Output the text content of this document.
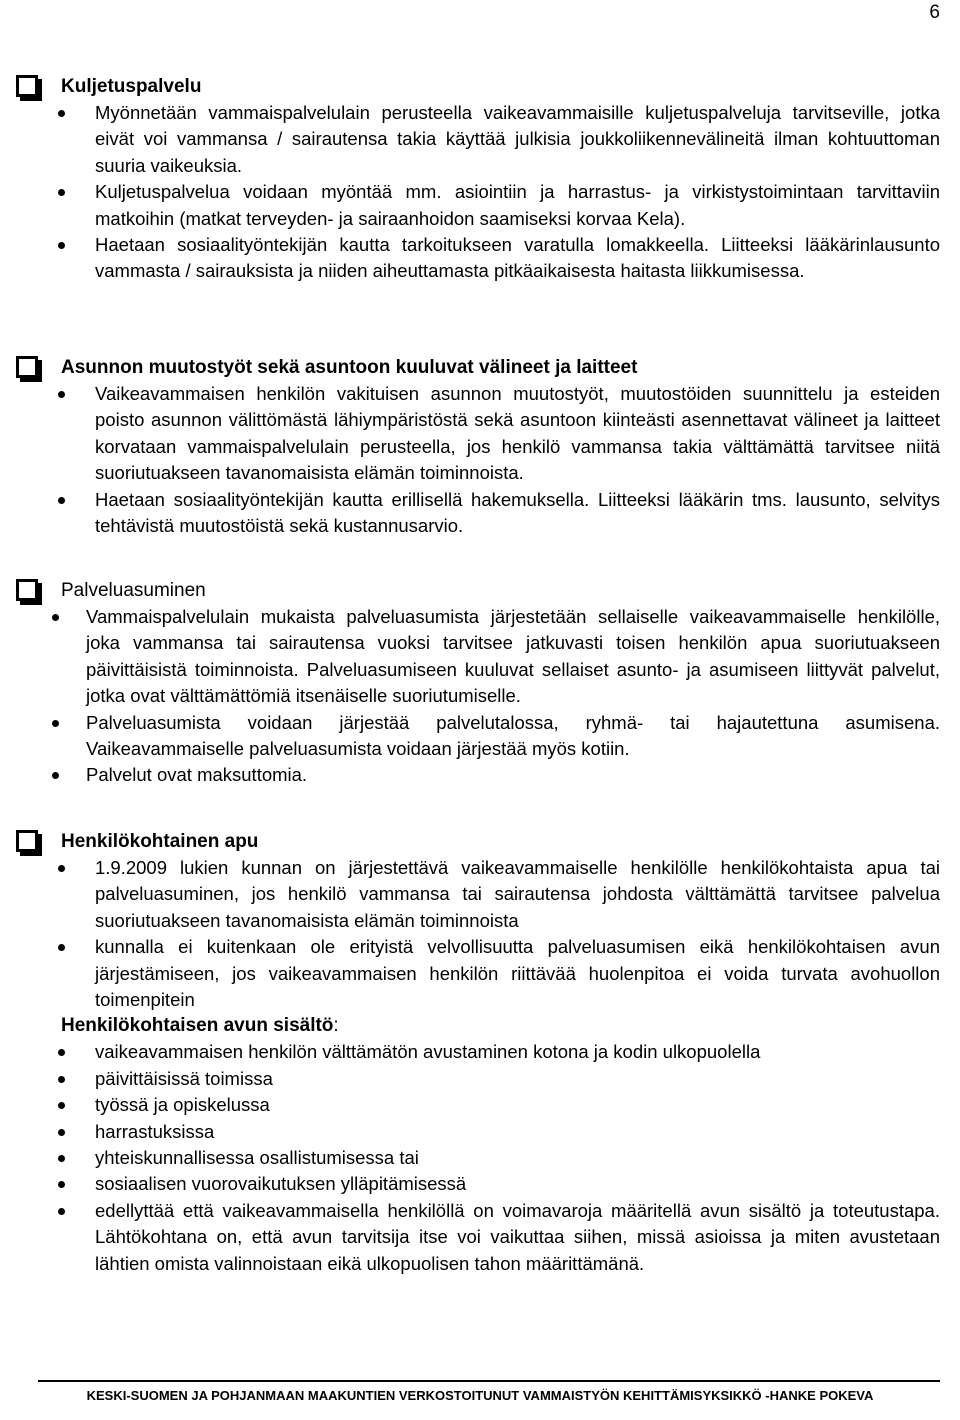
6
Kuljetuspalvelu
Myönnetään vammaispalvelulain perusteella vaikeavammaisille kuljetuspalveluja tarvitseville, jotka eivät voi vammansa / sairautensa takia käyttää julkisia joukkoliikennevälineitä ilman kohtuuttoman suuria vaikeuksia.
Kuljetuspalvelua voidaan myöntää mm. asiointiin ja harrastus- ja virkistystoimintaan tarvittaviin matkoihin (matkat terveyden- ja sairaanhoidon saamiseksi korvaa Kela).
Haetaan sosiaalityöntekijän kautta tarkoitukseen varatulla lomakkeella. Liitteeksi lääkärinlausunto vammasta / sairauksista ja niiden aiheuttamasta pitkäaikaisesta haitasta liikkumisessa.
Asunnon muutostyöt sekä asuntoon kuuluvat välineet ja laitteet
Vaikeavammaisen henkilön vakituisen asunnon muutostyöt, muutostöiden suunnittelu ja esteiden poisto asunnon välittömästä lähiympäristöstä sekä asuntoon kiinteästi asennettavat välineet ja laitteet korvataan vammaispalvelulain perusteella, jos henkilö vammansa takia välttämättä tarvitsee niitä suoriutuakseen tavanomaisista elämän toiminnoista.
Haetaan sosiaalityöntekijän kautta erillisellä hakemuksella. Liitteeksi lääkärin tms. lausunto, selvitys tehtävistä muutostöistä sekä kustannusarvio.
Palveluasuminen
Vammaispalvelulain mukaista palveluasumista järjestetään sellaiselle vaikeavammaiselle henkilölle, joka vammansa tai sairautensa vuoksi tarvitsee jatkuvasti toisen henkilön apua suoriutuakseen päivittäisistä toiminnoista. Palveluasumiseen kuuluvat sellaiset asunto- ja asumiseen liittyvät palvelut, jotka ovat välttämättömiä itsenäiselle suoriutumiselle.
Palveluasumista voidaan järjestää palvelutalossa, ryhmä- tai hajautettuna asumisena. Vaikeavammaiselle palveluasumista voidaan järjestää myös kotiin.
Palvelut ovat maksuttomia.
Henkilökohtainen apu
1.9.2009 lukien kunnan on järjestettävä vaikeavammaiselle henkilölle henkilökohtaista apua tai palveluasuminen, jos henkilö vammansa tai sairautensa johdosta välttämättä tarvitsee palvelua suoriutuakseen tavanomaisista elämän toiminnoista
kunnalla ei kuitenkaan ole erityistä velvollisuutta palveluasumisen eikä henkilökohtaisen avun järjestämiseen, jos vaikeavammaisen henkilön riittävää huolenpitoa ei voida turvata avohuollon toimenpitein
Henkilökohtaisen avun sisältö:
vaikeavammaisen henkilön välttämätön avustaminen kotona ja kodin ulkopuolella
päivittäisissä toimissa
työssä ja opiskelussa
harrastuksissa
yhteiskunnallisessa osallistumisessa tai
sosiaalisen vuorovaikutuksen ylläpitämisessä
edellyttää että vaikeavammaisella henkilöllä on voimavaroja määritellä avun sisältö ja toteutustapa. Lähtökohtana on, että avun tarvitsija itse voi vaikuttaa siihen, missä asioissa ja miten avustetaan lähtien omista valinnoistaan eikä ulkopuolisen tahon määrittämänä.
KESKI-SUOMEN JA POHJANMAAN MAAKUNTIEN VERKOSTOITUNUT VAMMAISTYÖN KEHITTÄMISYKSIKKÖ -HANKE POKEVA
